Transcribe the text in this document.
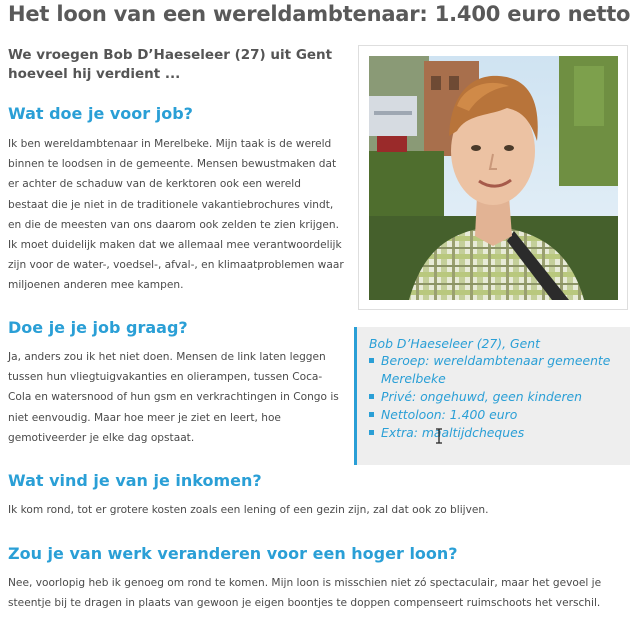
Het loon van een wereldambtenaar: 1.400 euro netto

We vroegen Bob D’Haeseleer (27) uit Gent hoeveel hij verdient ...

Wat doe je voor job?

Ik ben wereldambtenaar in Merelbeke. Mijn taak is de wereld binnen te loodsen in de gemeente. Mensen bewustmaken dat er achter de schaduw van de kerktoren ook een wereld bestaat die je niet in de traditionele vakantiebrochures vindt, en die de meesten van ons daarom ook zelden te zien krijgen. Ik moet duidelijk maken dat we allemaal mee verantwoordelijk zijn voor de water-, voedsel-, afval-, en klimaatproblemen waar miljoenen anderen mee kampen.

Doe je je job graag?

Ja, anders zou ik het niet doen. Mensen de link laten leggen tussen hun vliegtuigvakanties en olierampen, tussen Coca-Cola en watersnood of hun gsm en verkrachtingen in Congo is niet eenvoudig. Maar hoe meer je ziet en leert, hoe gemotiveerder je elke dag opstaat.

Wat vind je van je inkomen?

Ik kom rond, tot er grotere kosten zoals een lening of een gezin zijn, zal dat ook zo blijven.

Zou je van werk veranderen voor een hoger loon?

Nee, voorlopig heb ik genoeg om rond te komen. Mijn loon is misschien niet zó spectaculair, maar het gevoel je steentje bij te dragen in plaats van gewoon je eigen boontjes te doppen compenseert ruimschoots het verschil.

Bob D’Haeseleer (27), Gent

Beroep: wereldambtenaar gemeente Merelbeke
Privé: ongehuwd, geen kinderen
Nettoloon: 1.400 euro
Extra: maaltijdcheques
